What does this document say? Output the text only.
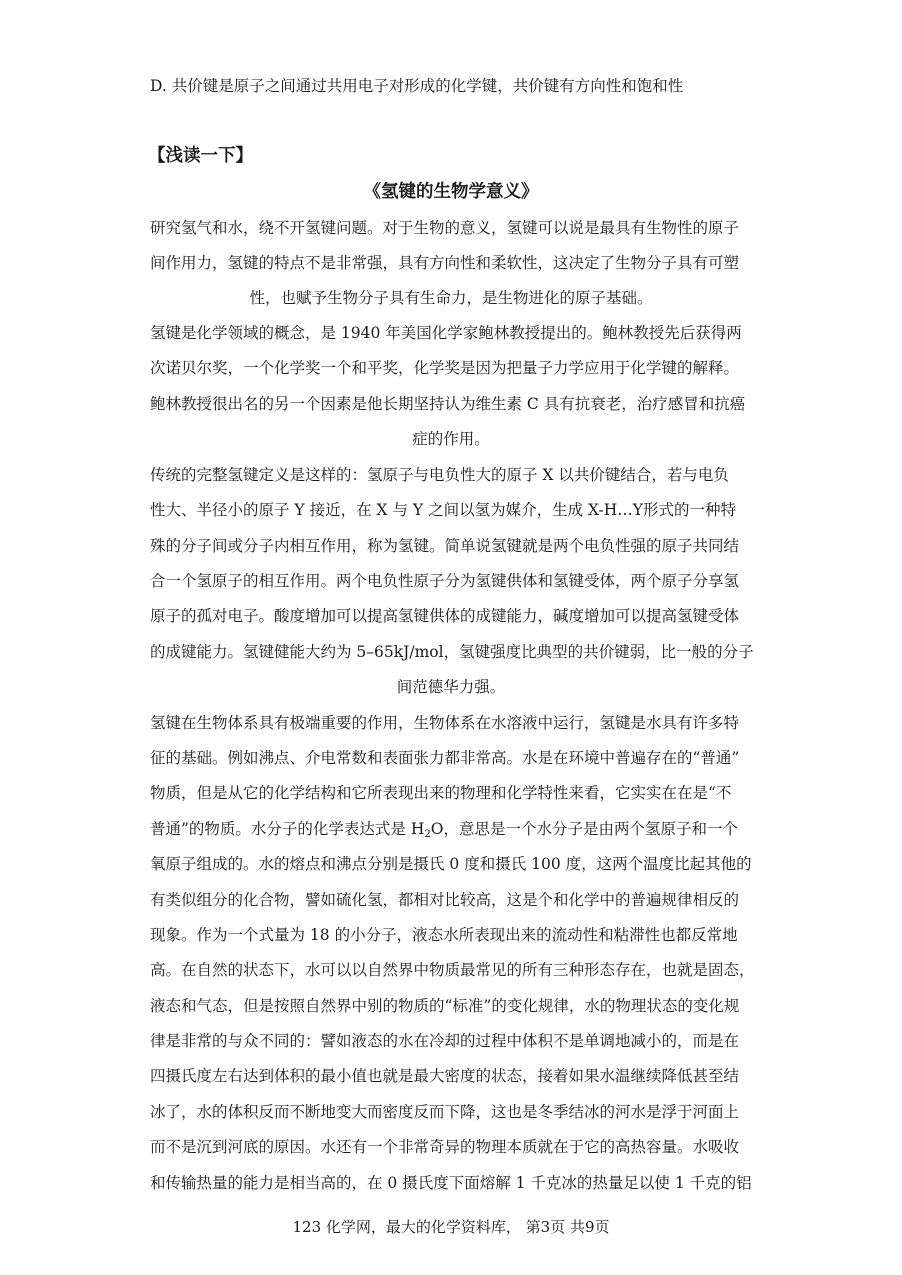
D. 共价键是原子之间通过共用电子对形成的化学键，共价键有方向性和饱和性
【浅读一下】
《氢键的生物学意义》
研究氢气和水，绕不开氢键问题。对于生物的意义，氢键可以说是最具有生物性的原子
间作用力，氢键的特点不是非常强，具有方向性和柔软性，这决定了生物分子具有可塑
性，也赋予生物分子具有生命力，是生物进化的原子基础。
氢键是化学领域的概念，是 1940 年美国化学家鲍林教授提出的。鲍林教授先后获得两
次诺贝尔奖，一个化学奖一个和平奖，化学奖是因为把量子力学应用于化学键的解释。
鲍林教授很出名的另一个因素是他长期坚持认为维生素 C 具有抗衰老，治疗感冒和抗癌
症的作用。
传统的完整氢键定义是这样的：氢原子与电负性大的原子 X 以共价键结合，若与电负
性大、半径小的原子 Y 接近，在 X 与 Y 之间以氢为媒介，生成 X-H…Y形式的一种特
殊的分子间或分子内相互作用，称为氢键。简单说氢键就是两个电负性强的原子共同结
合一个氢原子的相互作用。两个电负性原子分为氢键供体和氢键受体，两个原子分享氢
原子的孤对电子。酸度增加可以提高氢键供体的成键能力，碱度增加可以提高氢键受体
的成键能力。氢键健能大约为 5–65kJ/mol，氢键强度比典型的共价键弱，比一般的分子
间范德华力强。
氢键在生物体系具有极端重要的作用，生物体系在水溶液中运行，氢键是水具有许多特
征的基础。例如沸点、介电常数和表面张力都非常高。水是在环境中普遍存在的“普通”
物质，但是从它的化学结构和它所表现出来的物理和化学特性来看，它实实在在是“不
普通”的物质。水分子的化学表达式是 $H_2O$，意思是一个水分子是由两个氢原子和一个
氧原子组成的。水的熔点和沸点分别是摄氏 0 度和摄氏 100 度，这两个温度比起其他的
有类似组分的化合物，譬如硫化氢，都相对比较高，这是个和化学中的普遍规律相反的
现象。作为一个式量为 18 的小分子，液态水所表现出来的流动性和粘滞性也都反常地
高。在自然的状态下，水可以以自然界中物质最常见的所有三种形态存在，也就是固态，
液态和气态，但是按照自然界中别的物质的“标准”的变化规律，水的物理状态的变化规
律是非常的与众不同的：譬如液态的水在冷却的过程中体积不是单调地减小的，而是在
四摄氏度左右达到体积的最小值也就是最大密度的状态，接着如果水温继续降低甚至结
冰了，水的体积反而不断地变大而密度反而下降，这也是冬季结冰的河水是浮于河面上
而不是沉到河底的原因。水还有一个非常奇异的物理本质就在于它的高热容量。水吸收
和传输热量的能力是相当高的，在 0 摄氏度下面熔解 1 千克冰的热量足以使 1 千克的铝
123 化学网，最大的化学资料库， 第3页 共9页
